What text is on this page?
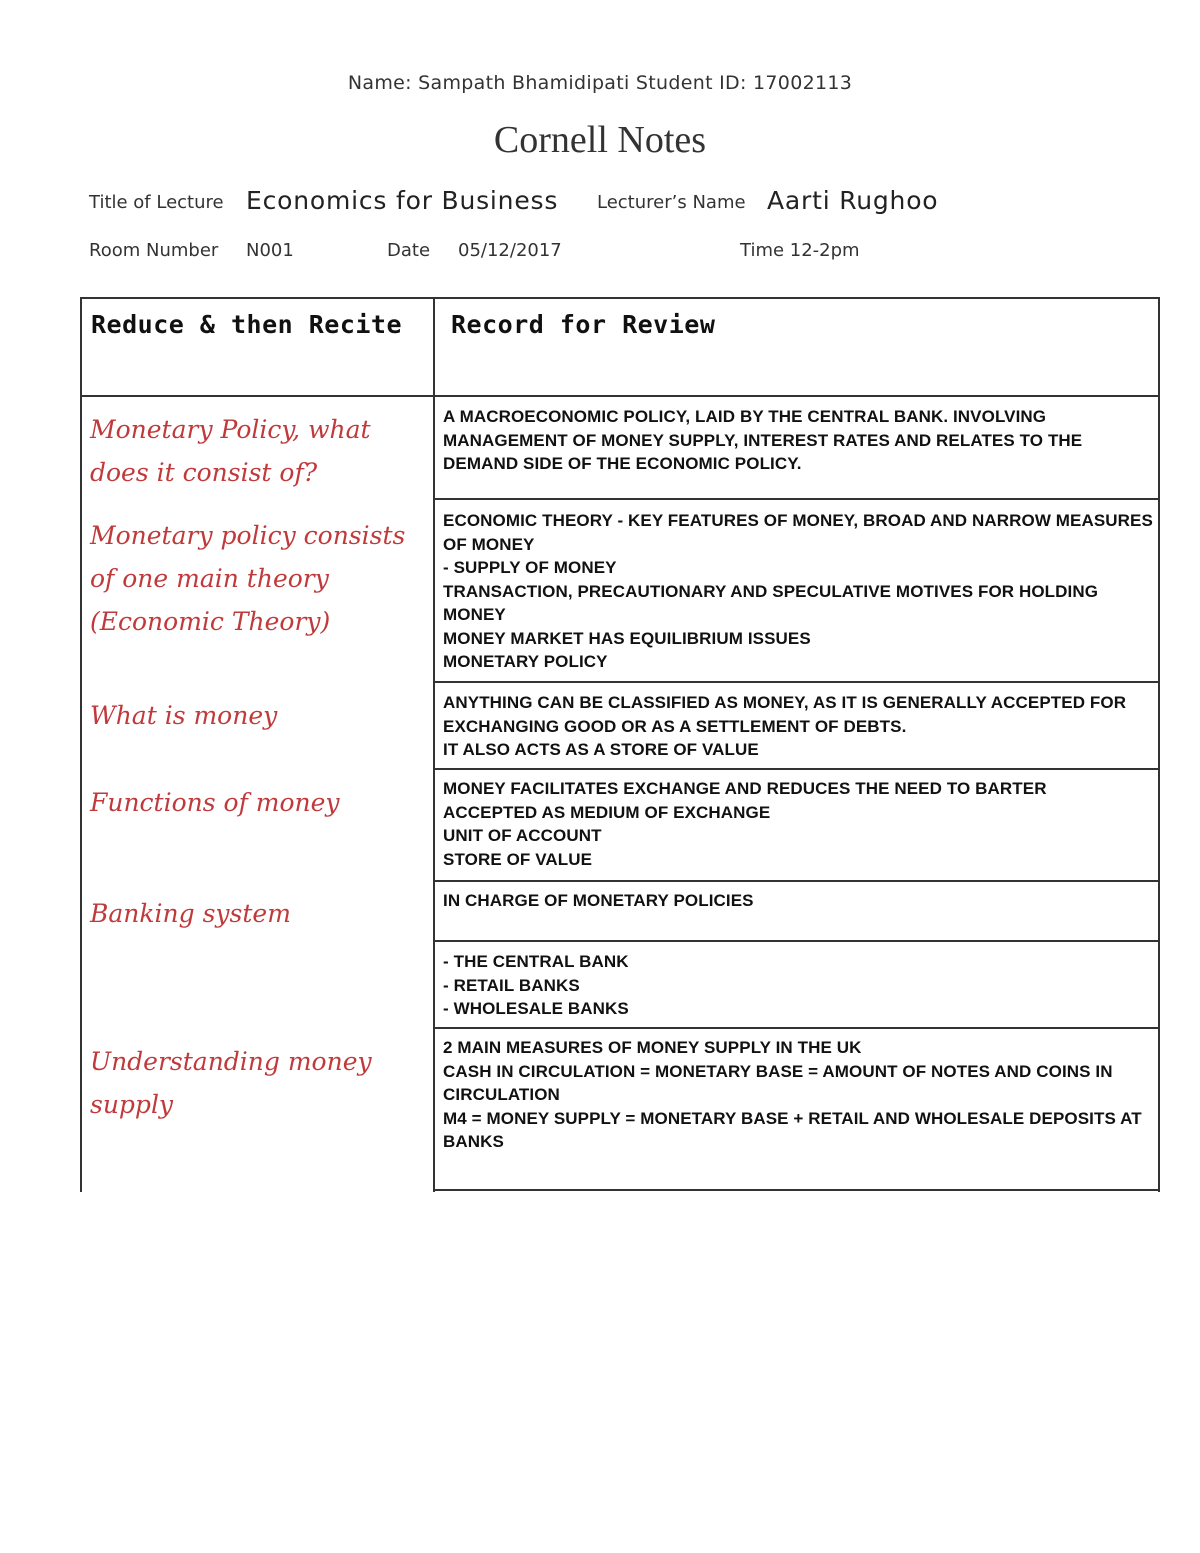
Name: Sampath Bhamidipati Student ID: 17002113
Cornell Notes
Title of Lecture Economics for Business Lecturer’s Name Aarti Rughoo
Room Number N001	Date 05/12/2017	Time 12-2pm
Reduce & then Recite Record for Review
Monetary Policy, what does it consist of?
Monetary policy consists of one main theory (Economic Theory)
What is money
Functions of money
Banking system
Understanding money supply
A MACROECONOMIC POLICY, LAID BY THE CENTRAL BANK. INVOLVING MANAGEMENT OF MONEY SUPPLY, INTEREST RATES AND RELATES TO THE DEMAND SIDE OF THE ECONOMIC POLICY.
ECONOMIC THEORY - KEY FEATURES OF MONEY, BROAD AND NARROW MEASURES OF MONEY
- SUPPLY OF MONEY
TRANSACTION, PRECAUTIONARY AND SPECULATIVE MOTIVES FOR HOLDING MONEY
MONEY MARKET HAS EQUILIBRIUM ISSUES
MONETARY POLICY
ANYTHING CAN BE CLASSIFIED AS MONEY, AS IT IS GENERALLY ACCEPTED FOR EXCHANGING GOOD OR AS A SETTLEMENT OF DEBTS.
IT ALSO ACTS AS A STORE OF VALUE
MONEY FACILITATES EXCHANGE AND REDUCES THE NEED TO BARTER
ACCEPTED AS MEDIUM OF EXCHANGE
UNIT OF ACCOUNT
STORE OF VALUE
IN CHARGE OF MONETARY POLICIES
- THE CENTRAL BANK
- RETAIL BANKS
- WHOLESALE BANKS
2 MAIN MEASURES OF MONEY SUPPLY IN THE UK
CASH IN CIRCULATION = MONETARY BASE = AMOUNT OF NOTES AND COINS IN CIRCULATION
M4 = MONEY SUPPLY = MONETARY BASE + RETAIL AND WHOLESALE DEPOSITS AT BANKS
